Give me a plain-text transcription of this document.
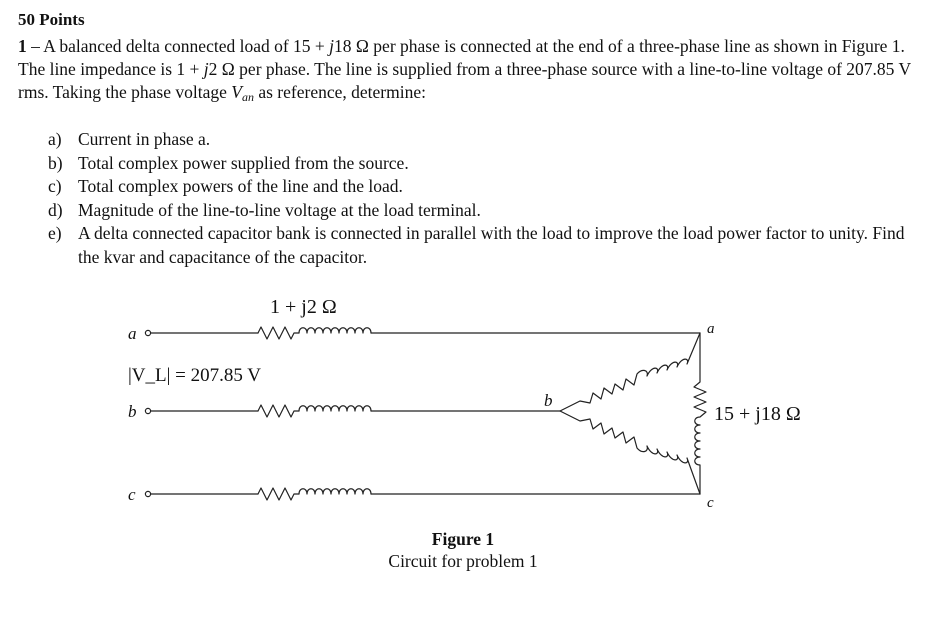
50 Points
1 – A balanced delta connected load of 15 + j18 Ω per phase is connected at the end of a three-phase line as shown in Figure 1. The line impedance is 1 + j2 Ω per phase. The line is supplied from a three-phase source with a line-to-line voltage of 207.85 V rms. Taking the phase voltage $V_{an}$ as reference, determine:
a) Current in phase a.
b) Total complex power supplied from the source.
c) Total complex powers of the line and the load.
d) Magnitude of the line-to-line voltage at the load terminal.
e) A delta connected capacitor bank is connected in parallel with the load to improve the load power factor to unity. Find the kvar and capacitance of the capacitor.
a
b
c
1 + j2 Ω
|V_L| = 207.85 V
a
b
c
15 + j18 Ω
Figure 1
Circuit for problem 1
